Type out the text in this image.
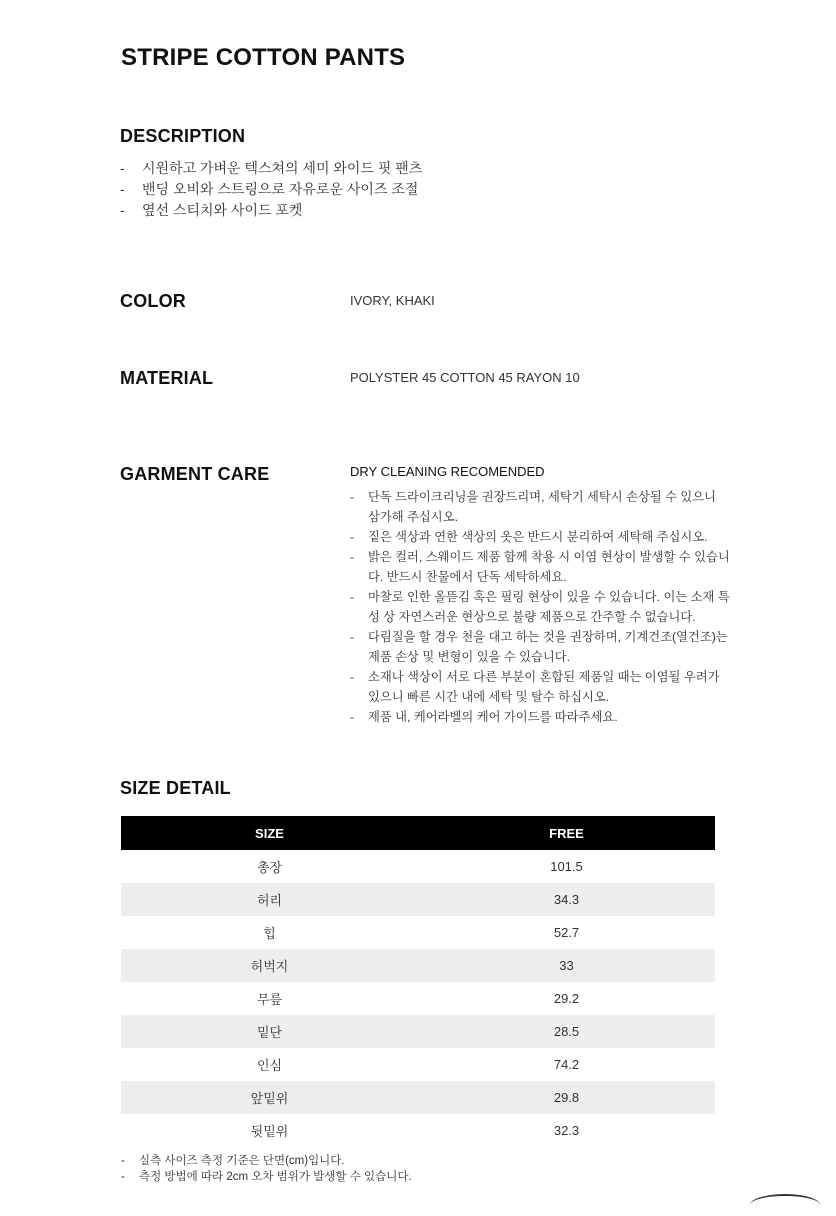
STRIPE COTTON PANTS
DESCRIPTION
-	시원하고 가벼운 텍스쳐의 세미 와이드 핏 팬츠
-	밴딩 오비와 스트링으로 자유로운 사이즈 조절
-	옆선 스티치와 사이드 포켓
COLOR	IVORY, KHAKI
MATERIAL	POLYSTER 45 COTTON 45 RAYON 10
GARMENT CARE	DRY CLEANING RECOMENDED
-	단독 드라이크리닝을 권장드리며, 세탁기 세탁시 손상될 수 있으니 삼가해 주십시오.
-	짙은 색상과 연한 색상의 옷은 반드시 분리하여 세탁해 주십시오.
-	밝은 컬러, 스웨이드 제품 함께 착용 시 이염 현상이 발생할 수 있습니다. 반드시 찬물에서 단독 세탁하세요.
-	마찰로 인한 올뜯김 혹은 필링 현상이 있을 수 있습니다. 이는 소재 특성 상 자연스러운 현상으로 불량 제품으로 간주할 수 없습니다.
-	다림질을 할 경우 천을 대고 하는 것을 권장하며, 기계건조(열건조)는 제품 손상 및 변형이 있을 수 있습니다.
-	소재나 색상이 서로 다른 부분이 혼합된 제품일 때는 이염될 우려가 있으니 빠른 시간 내에 세탁 및 탈수 하십시오.
-	제품 내, 케어라벨의 케어 가이드를 따라주세요.
SIZE DETAIL
SIZE	FREE
총장	101.5
허리	34.3
힙	52.7
허벅지	33
무릎	29.2
밑단	28.5
인심	74.2
앞밑위	29.8
뒷밑위	32.3
-	실측 사이즈 측정 기준은 단면(cm)입니다.
-	측정 방법에 따라 2cm 오차 범위가 발생할 수 있습니다.
